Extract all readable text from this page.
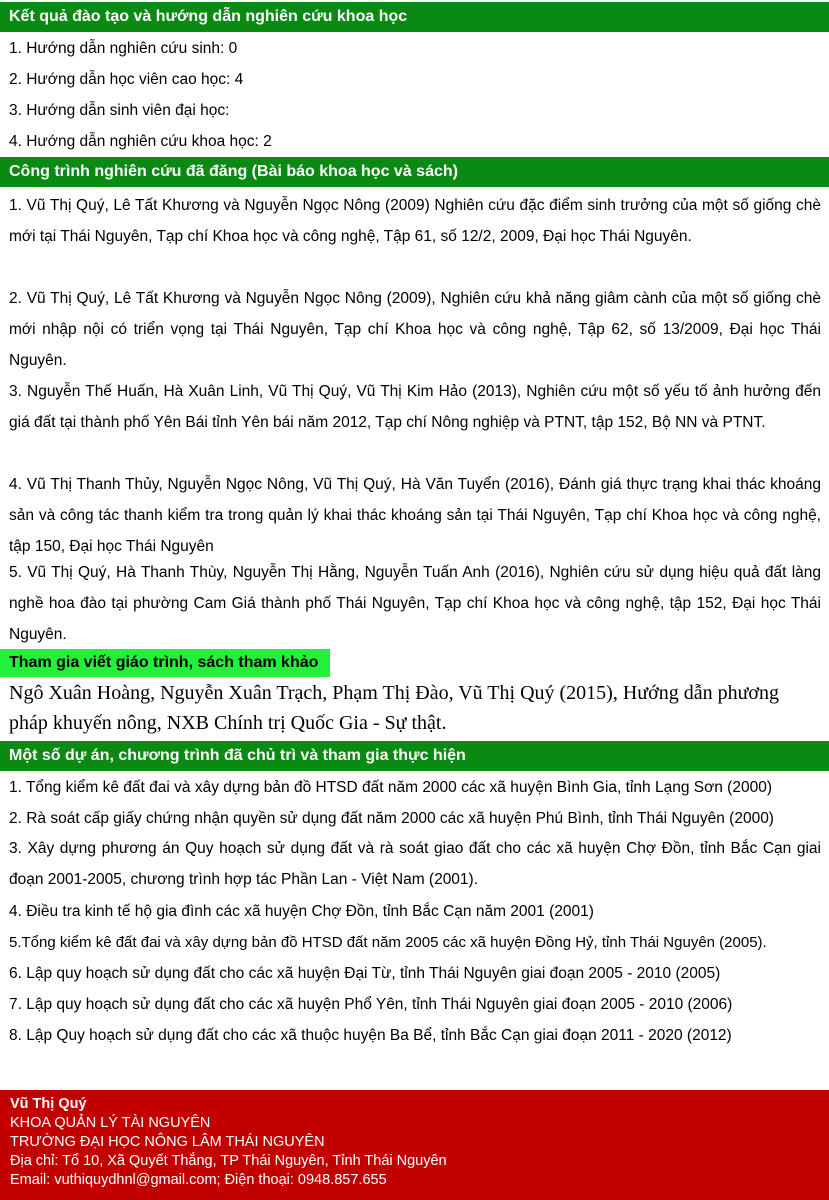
Kết quả đào tạo và hướng dẫn nghiên cứu khoa học
1. Hướng dẫn nghiên cứu sinh: 0
2. Hướng dẫn học viên cao học: 4
3. Hướng dẫn sinh viên đại học:
4. Hướng dẫn nghiên cứu khoa học: 2
Công trình nghiên cứu đã đăng (Bài báo khoa học và sách)
1. Vũ Thị Quý, Lê Tất Khương và Nguyễn Ngọc Nông (2009) Nghiên cứu đặc điểm sinh trưởng của một số giống chè mới tại Thái Nguyên, Tạp chí Khoa học và công nghệ, Tập 61, số 12/2, 2009, Đại học Thái Nguyên.
2. Vũ Thị Quý, Lê Tất Khương và Nguyễn Ngọc Nông (2009), Nghiên cứu khả năng giâm cành của một số giống chè mới nhập nội có triển vọng tại Thái Nguyên, Tạp chí Khoa học và công nghệ, Tập 62, số 13/2009, Đại học Thái Nguyên.
3. Nguyễn Thế Huấn, Hà Xuân Linh, Vũ Thị Quý, Vũ Thị Kim Hảo (2013), Nghiên cứu một số yếu tố ảnh hưởng đến giá đất tại thành phố Yên Bái tỉnh Yên bái năm 2012, Tạp chí Nông nghiệp và PTNT, tập 152, Bộ NN và PTNT.
4. Vũ Thị Thanh Thủy, Nguyễn Ngọc Nông, Vũ Thị Quý, Hà Văn Tuyển (2016), Đánh giá thực trạng khai thác khoáng sản và công tác thanh kiểm tra trong quản lý khai thác khoáng sản tại Thái Nguyên, Tạp chí Khoa học và công nghệ, tập 150, Đại học Thái Nguyên
5. Vũ Thị Quý, Hà Thanh Thùy, Nguyễn Thị Hằng, Nguyễn Tuấn Anh (2016), Nghiên cứu sử dụng hiệu quả đất làng nghề hoa đào tại phường Cam Giá thành phố Thái Nguyên, Tạp chí Khoa học và công nghệ, tập 152, Đại học Thái Nguyên.
Tham gia viết giáo trình, sách tham khảo
Ngô Xuân Hoàng, Nguyễn Xuân Trạch, Phạm Thị Đào, Vũ Thị Quý (2015), Hướng dẫn phương pháp khuyến nông, NXB Chính trị Quốc Gia - Sự thật.
Một số dự án, chương trình đã chủ trì và tham gia thực hiện
1. Tổng kiểm kê đất đai và xây dựng bản đồ HTSD đất năm 2000 các xã huyện Bình Gia, tỉnh Lạng Sơn (2000)
2. Rà soát cấp giấy chứng nhận quyền sử dụng đất năm 2000 các xã huyện Phú Bình, tỉnh Thái Nguyên (2000)
3. Xây dựng phương án Quy hoạch sử dụng đất và rà soát giao đất cho các xã huyện Chợ Đồn, tỉnh Bắc Cạn giai đoạn 2001-2005, chương trình hợp tác Phần Lan - Việt Nam (2001).
4. Điều tra kinh tế hộ gia đình các xã huyện Chợ Đồn, tỉnh Bắc Cạn năm 2001 (2001)
5.Tổng kiểm kê đất đai và xây dựng bản đồ HTSD đất năm 2005 các xã huyện Đồng Hỷ, tỉnh Thái Nguyên (2005).
6. Lập quy hoạch sử dụng đất cho các xã huyện Đại Từ, tỉnh Thái Nguyên giai đoạn 2005 - 2010 (2005)
7. Lập quy hoạch sử dụng đất cho các xã huyện Phổ Yên, tỉnh Thái Nguyên giai đoạn 2005 - 2010 (2006)
8. Lập Quy hoạch sử dụng đất cho các xã thuộc huyện Ba Bể, tỉnh Bắc Cạn giai đoạn 2011 - 2020 (2012)
Vũ Thị Quý
KHOA QUẢN LÝ TÀI NGUYÊN
TRƯỜNG ĐẠI HỌC NÔNG LÂM THÁI NGUYÊN
Địa chỉ: Tổ 10, Xã Quyết Thắng, TP Thái Nguyên, Tỉnh Thái Nguyên
Email: vuthiquydhnl@gmail.com; Điện thoại: 0948.857.655
